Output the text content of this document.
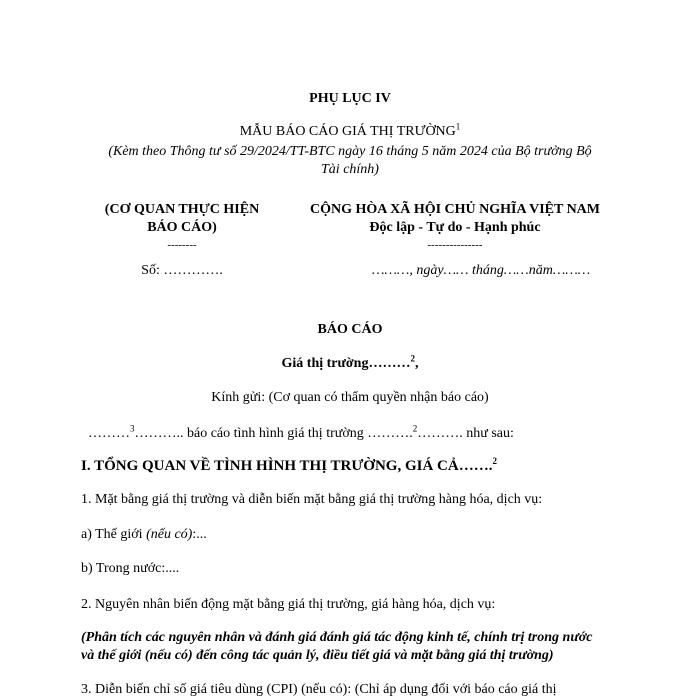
PHỤ LỤC IV
MẪU BÁO CÁO GIÁ THỊ TRƯỜNG$^1$
(Kèm theo Thông tư số 29/2024/TT-BTC ngày 16 tháng 5 năm 2024 của Bộ trưởng Bộ
Tài chính)
(CƠ QUAN THỰC HIỆN
BÁO CÁO)
--------
Số: ………….
CỘNG HÒA XÃ HỘI CHỦ NGHĨA VIỆT NAM
Độc lập - Tự do - Hạnh phúc
---------------
………, ngày…… tháng……năm………
BÁO CÁO
Giá thị trường………$^2$,
Kính gửi: (Cơ quan có thẩm quyền nhận báo cáo)
………$^3$……….. báo cáo tình hình giá thị trường ……….$^2$………. như sau:
I. TỔNG QUAN VỀ TÌNH HÌNH THỊ TRƯỜNG, GIÁ CẢ…….$^2$
1. Mặt bằng giá thị trường và diễn biến mặt bằng giá thị trường hàng hóa, dịch vụ:
a) Thế giới (nếu có):...
b) Trong nước:....
2. Nguyên nhân biến động mặt bằng giá thị trường, giá hàng hóa, dịch vụ:
(Phân tích các nguyên nhân và đánh giá đánh giá tác động kinh tế, chính trị trong nước
và thế giới (nếu có) đến công tác quản lý, điều tiết giá và mặt bằng giá thị trường)
3. Diễn biến chỉ số giá tiêu dùng (CPI) (nếu có): (Chỉ áp dụng đối với báo cáo giá thị
